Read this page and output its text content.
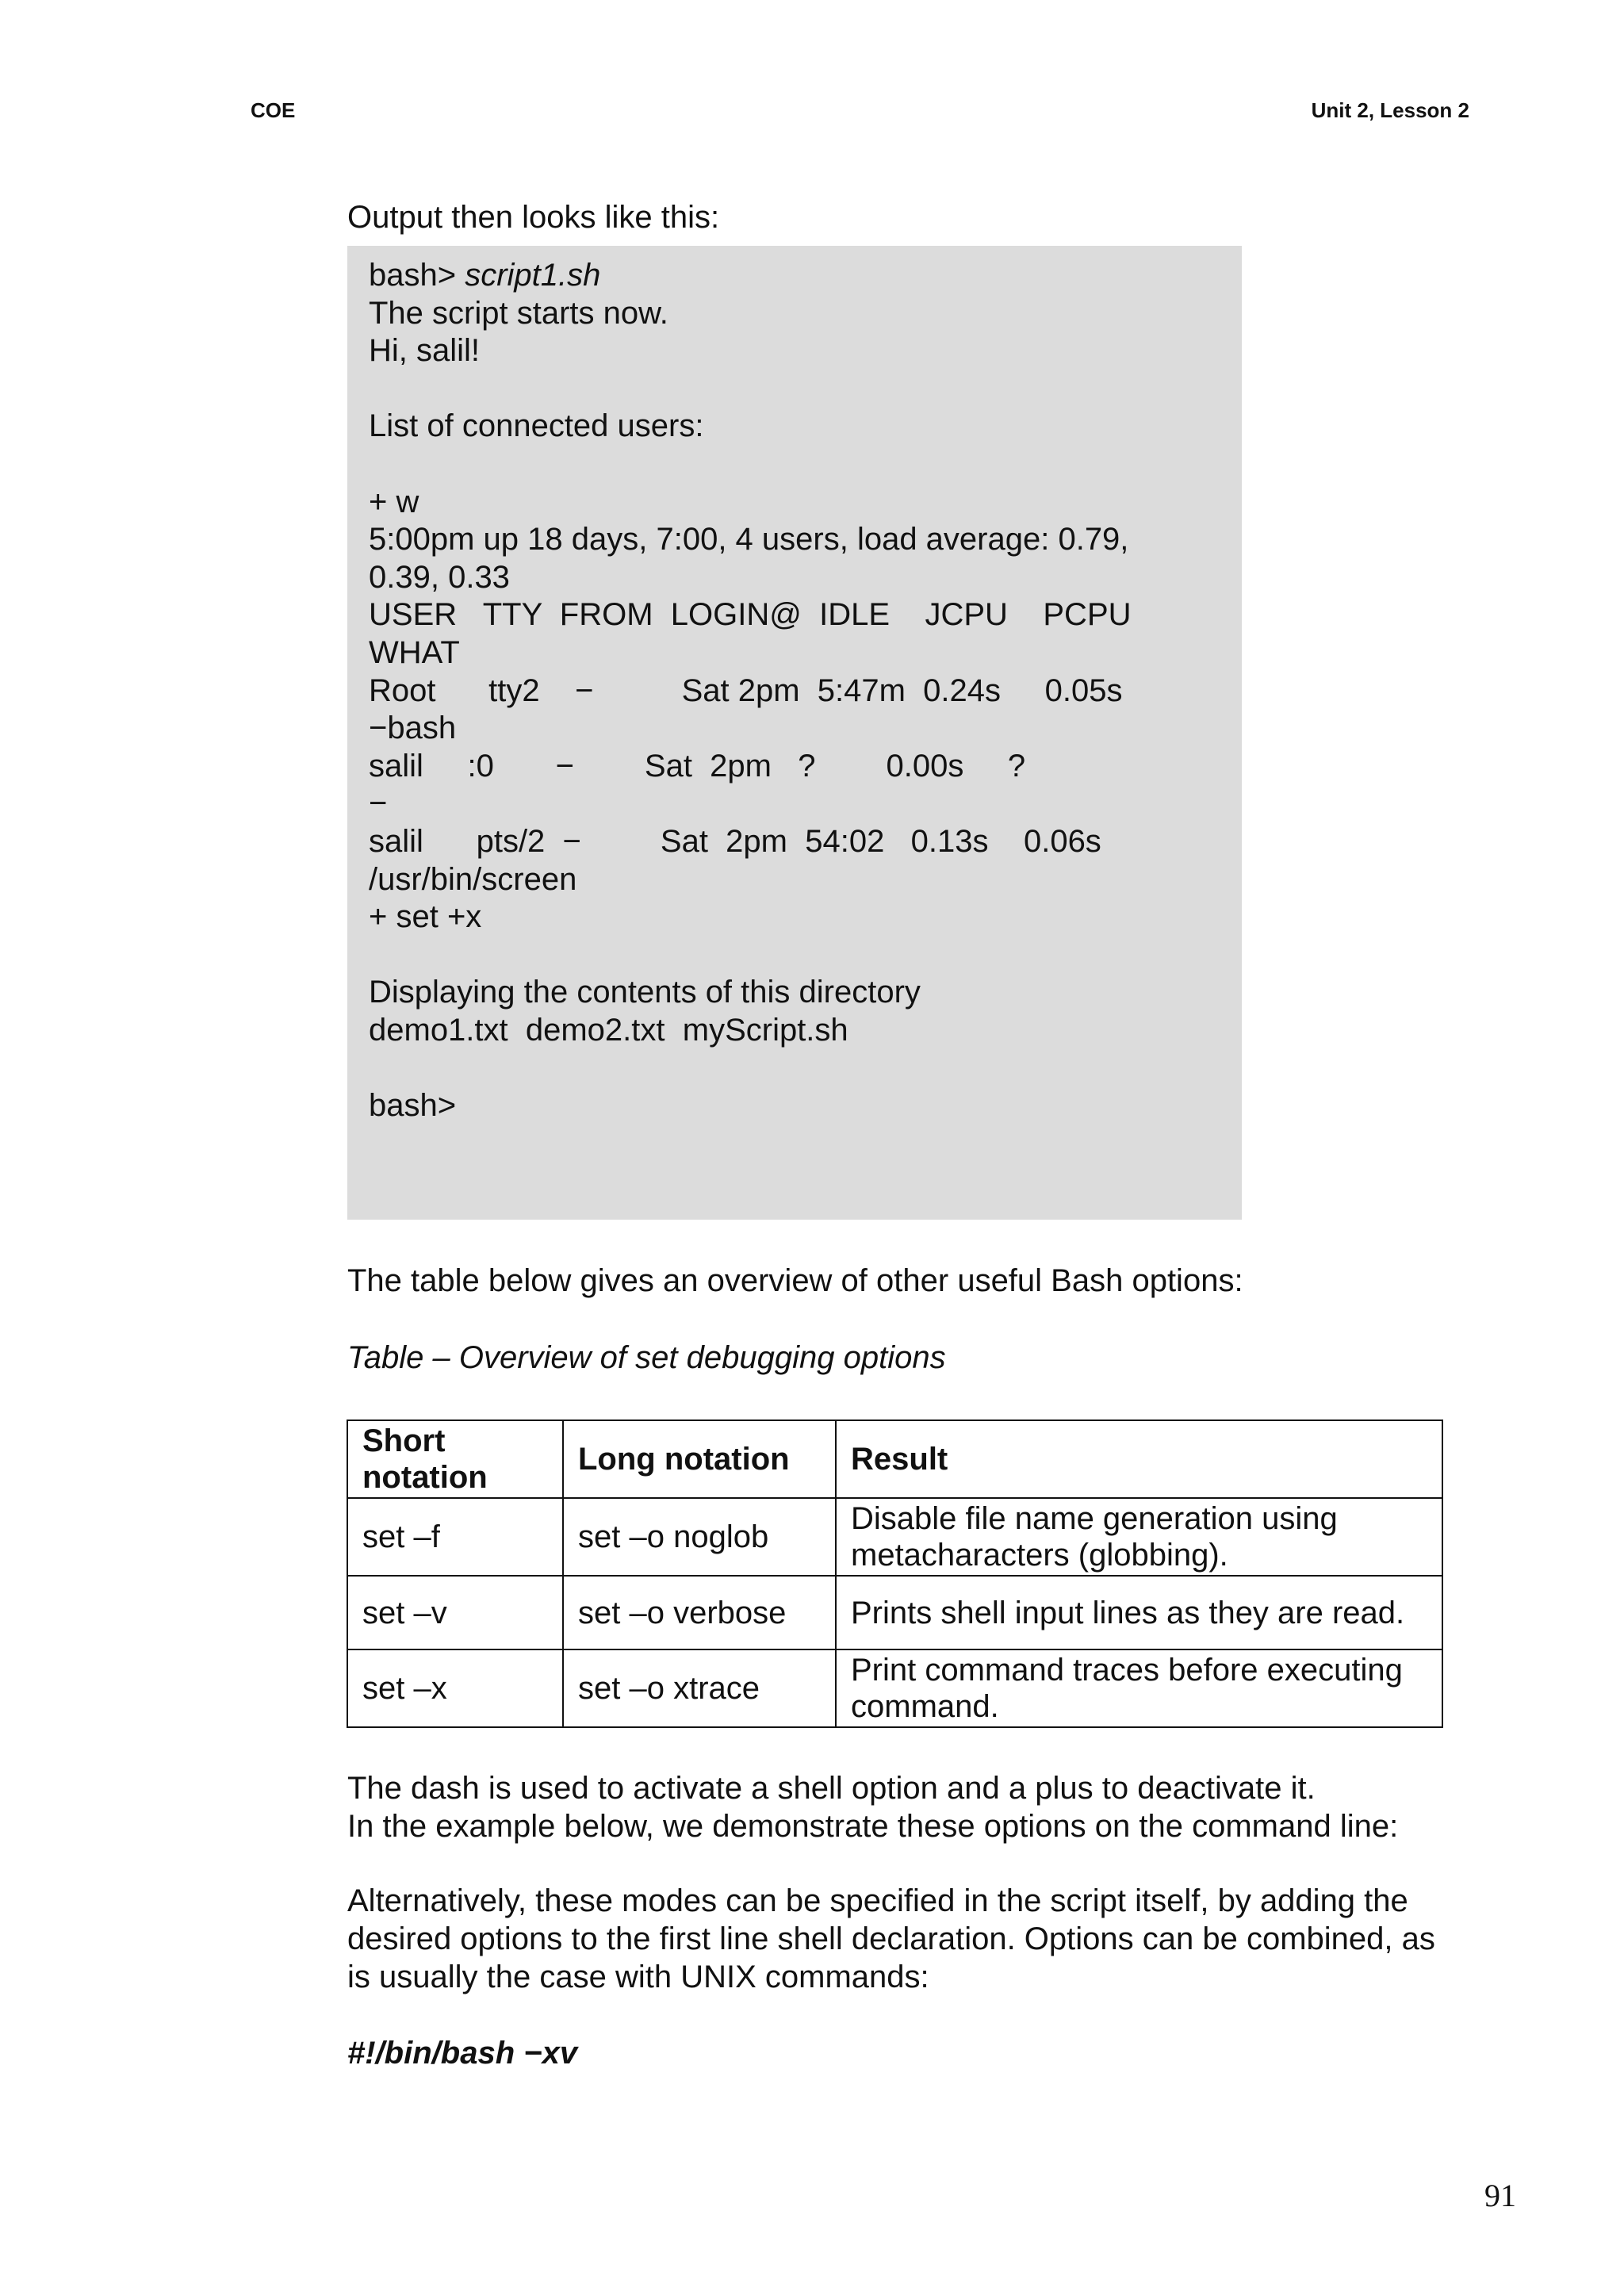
COE	Unit 2, Lesson 2
Output then looks like this:
bash> script1.sh
The script starts now.
Hi, salil!
List of connected users:
+ w
5:00pm up 18 days, 7:00, 4 users, load average: 0.79,
0.39, 0.33
USER   TTY  FROM  LOGIN@  IDLE    JCPU    PCPU
WHAT
Root      tty2    −          Sat 2pm  5:47m  0.24s     0.05s
−bash
salil     :0       −        Sat  2pm   ?        0.00s     ?
−
salil      pts/2  −         Sat  2pm  54:02   0.13s    0.06s
/usr/bin/screen
+ set +x
Displaying the contents of this directory
demo1.txt  demo2.txt  myScript.sh
bash>
The table below gives an overview of other useful Bash options:
Table – Overview of set debugging options
Short notation	Long notation	Result
set –f	set –o noglob	Disable file name generation using metacharacters (globbing).
set –v	set –o verbose	Prints shell input lines as they are read.
set –x	set –o xtrace	Print command traces before executing command.
The dash is used to activate a shell option and a plus to deactivate it.
In the example below, we demonstrate these options on the command line:
Alternatively, these modes can be specified in the script itself, by adding the
desired options to the first line shell declaration. Options can be combined, as
is usually the case with UNIX commands:
#!/bin/bash −xv
91
